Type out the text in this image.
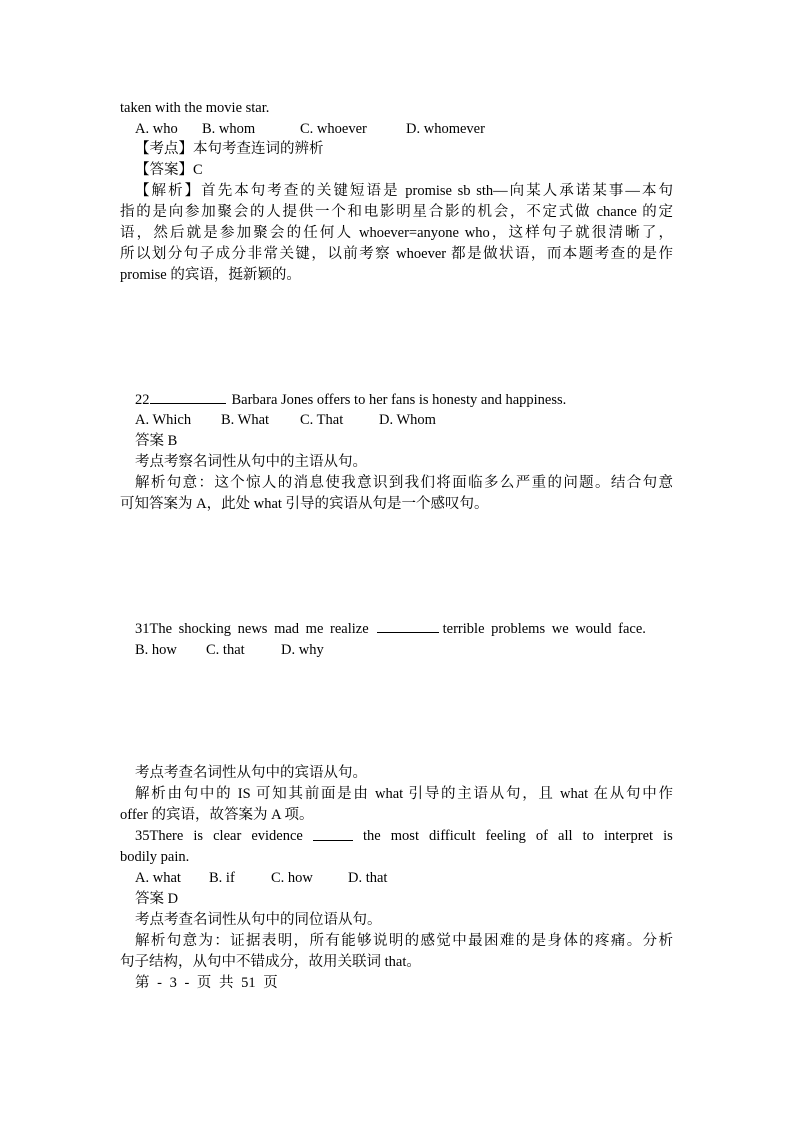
taken with the movie star.
A. who B. whom	C. whoever	D. whomever
【考点】本句考查连词的辨析
【答案】C
【解析】首先本句考查的关键短语是 promise sb sth—向某人承诺某事—本句
指的是向参加聚会的人提供一个和电影明星合影的机会，不定式做 chance 的定
语，然后就是参加聚会的任何人 whoever=anyone who，这样句子就很清晰了，
所以划分句子成分非常关键，以前考察 whoever 都是做状语，而本题考查的是作
promise 的宾语，挺新颖的。
22	Barbara Jones offers to her fans is honesty and happiness.
A. Which B. What C. That D. Whom
答案 B
考点考察名词性从句中的主语从句。
解析句意：这个惊人的消息使我意识到我们将面临多么严重的问题。结合句意
可知答案为 A，此处 what 引导的宾语从句是一个感叹句。
31The shocking news mad me realize	terrible problems we would face.
B. how C. that	D. why
考点考查名词性从句中的宾语从句。
解析由句中的 IS 可知其前面是由 what 引导的主语从句，且 what 在从句中作
offer 的宾语，故答案为 A 项。
35There is clear evidence	the most difficult feeling of all to interpret is
bodily pain.
A. what B. if C. how D. that
答案 D
考点考查名词性从句中的同位语从句。
解析句意为：证据表明，所有能够说明的感觉中最困难的是身体的疼痛。分析
句子结构，从句中不错成分，故用关联词 that。
第 - 3 - 页 共 51 页
